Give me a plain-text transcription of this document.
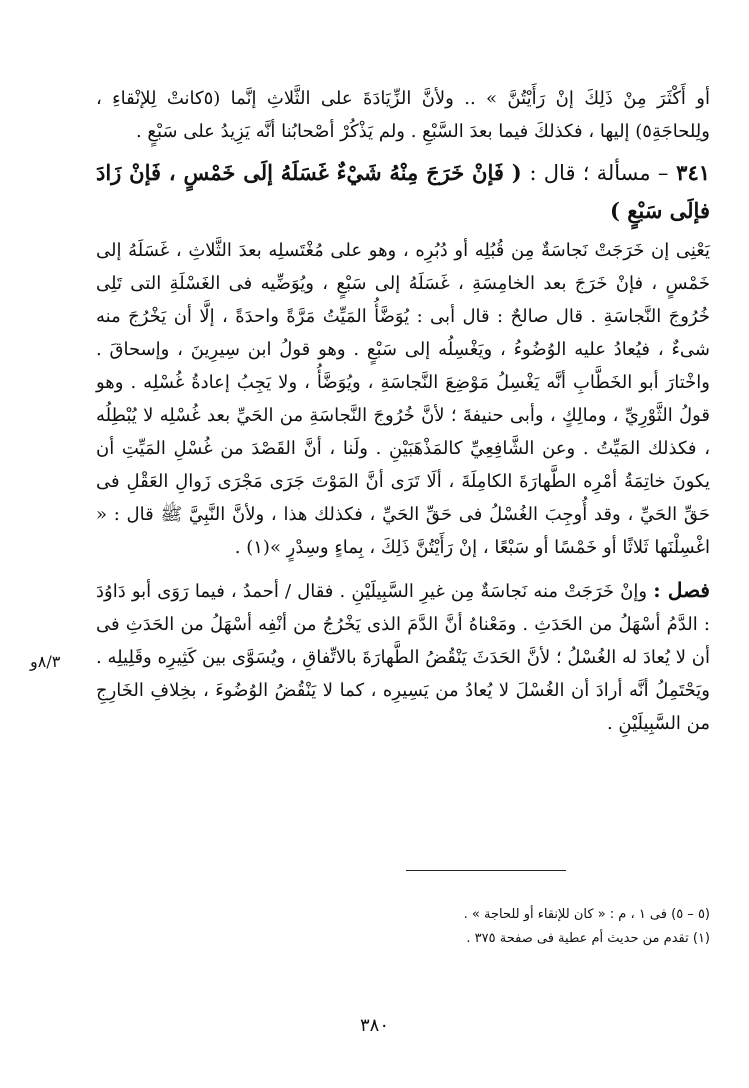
أو أَكْثَرَ مِنْ ذَلِكَ إنْ رَأَيْتُنَّ » .. ولأنَّ الزِّيَادَةَ على الثَّلاثِ إنَّما (٥كانتْ لِلإنْقاءِ ، ولِلحاجَةِ٥) إليها ، فكذلكَ فيما بعدَ السَّبْعِ . ولم يَذْكُرْ أصْحابُنا أنَّه يَزِيدُ على سَبْعٍ .

٣٤١ – مسألة ؛ قال : ( فَإنْ خَرَجَ مِنْهُ شَيْءٌ غَسَلَهُ إلَى خَمْسٍ ، فَإنْ زَادَ فإلَى سَبْعٍ )

يَعْنِى إن خَرَجَتْ نَجاسَةٌ مِن قُبُلِه أو دُبُرِه ، وهو على مُغْتَسلِه بعدَ الثَّلاثِ ، غَسَلَهُ إلى خَمْسٍ ، فإنْ خَرَجَ بعد الخامِسَةِ ، غَسَلَهُ إلى سَبْعٍ ، ويُوَضِّيه فى الغَسْلَةِ التى تَلِى خُرُوجَ النَّجاسَةِ . قال صالحٌ : قال أبى : يُوَضَّأُ المَيِّتُ مَرَّةً واحدَةً ، إلَّا أن يَخْرُجَ منه شىءٌ ، فيُعادُ عليه الوُضُوءُ ، ويَغْسِلُه إلى سَبْعٍ . وهو قولُ ابن سِيرِينَ ، وإسحاقَ . واخْتارَ أبو الخَطَّابِ أنَّه يَغْسِلُ مَوْضِعَ النَّجاسَةِ ، ويُوَضَّأُ ، ولا يَجِبُ إعادةُ غُسْلِه . وهو قولُ الثَّوْرِيِّ ، ومالِكٍ ، وأبى حنيفةَ ؛ لأنَّ خُرُوجَ النَّجاسَةِ من الحَيِّ بعد غُسْلِه لا يُبْطِلُه ، فكذلك المَيِّتُ . وعن الشَّافِعِيِّ كالمَذْهَبَيْنِ . ولَنا ، أنَّ القَصْدَ من غُسْلِ المَيِّتِ أن يكونَ خاتِمَةُ أمْرِه الطَّهارَةَ الكامِلَةَ ، ألَا تَرَى أنَّ المَوْتَ جَرَى مَجْرَى زَوالِ العَقْلِ فى حَقِّ الحَيِّ ، وقد أُوجِبَ الغُسْلُ فى حَقِّ الحَيِّ ، فكذلك هذا ، ولأنَّ النَّبِيَّ ﷺ قال : « اغْسِلْنَها ثَلاثًا أو خَمْسًا أو سَبْعًا ، إنْ رَأَيْتُنَّ ذَلِكَ ، بِماءٍ وسِدْرٍ »(١) .

فصل : وإنْ خَرَجَتْ منه نَجاسَةٌ مِن غيرِ السَّبِيلَيْنِ . فقال / أحمدُ ، فيما رَوَى أبو دَاوُدَ : الدَّمُ أسْهَلُ من الحَدَثِ . ومَعْناهُ أنَّ الدَّمَ الذى يَخْرُجُ من أنْفِه أسْهَلُ من الحَدَثِ فى أن لا يُعادَ له الغُسْلُ ؛ لأنَّ الحَدَثَ يَنْقُضُ الطَّهارَةَ بالاتِّفاقِ ، ويُسَوَّى بين كَثِيرِه وقَلِيلِه . ويَحْتَمِلُ أنَّه أرادَ أن الغُسْلَ لا يُعادُ من يَسِيرِه ، كما لا يَنْقُضُ الوُضُوءَ ، بخِلافِ الخَارِجِ من السَّبِيلَيْنِ .

٨/٣و

(٥ – ٥) فى ١ ، م : « كان للإنقاء أو للحاجة » .

(١) تقدم من حديث أم عطية فى صفحة ٣٧٥ .

٣٨٠
